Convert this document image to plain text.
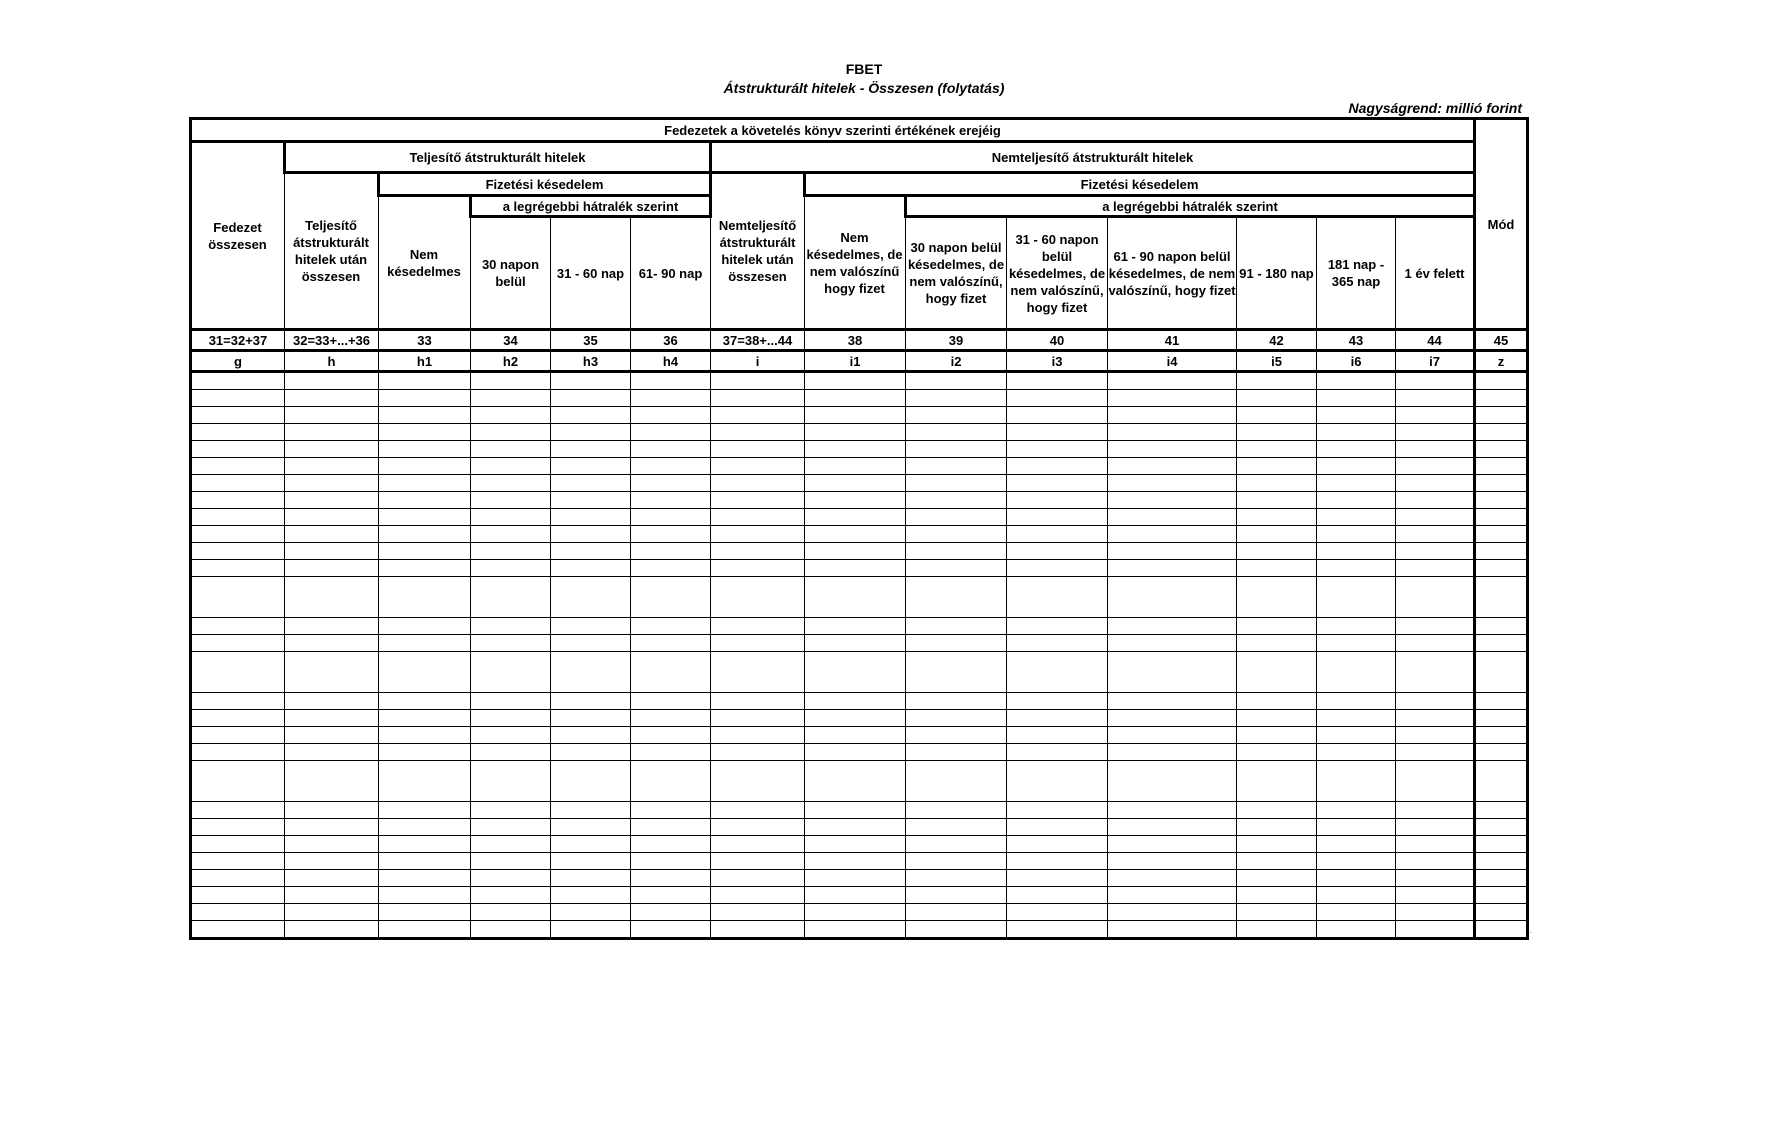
FBET
Átstrukturált hitelek - Összesen (folytatás)
Nagyságrend: millió forint
Fedezetek a követelés könyv szerinti értékének erejéig														Mód
Fedezet összesen	Teljesítő átstrukturált hitelek					Nemteljesítő átstrukturált hitelek								
	Teljesítő átstrukturált hitelek után összesen	Fizetési késedelem				Nemteljesítő átstrukturált hitelek után összesen	Fizetési késedelem							
		Nem késedelmes	a legrégebbi hátralék szerint				Nem késedelmes, de nem valószínű hogy fizet	a legrégebbi hátralék szerint						
			30 napon belül	31 - 60 nap	61- 90 nap			30 napon belül késedelmes, de nem valószínű, hogy fizet	31 - 60 napon belül késedelmes, de nem valószínű, hogy fizet	61 - 90 napon belül késedelmes, de nem valószínű, hogy fizet	91 - 180 nap	181 nap - 365 nap	1 év felett	
31=32+37	32=33+...+36	33	34	35	36	37=38+...44	38	39	40	41	42	43	44	45
g	h	h1	h2	h3	h4	i	i1	i2	i3	i4	i5	i6	i7	z

·
